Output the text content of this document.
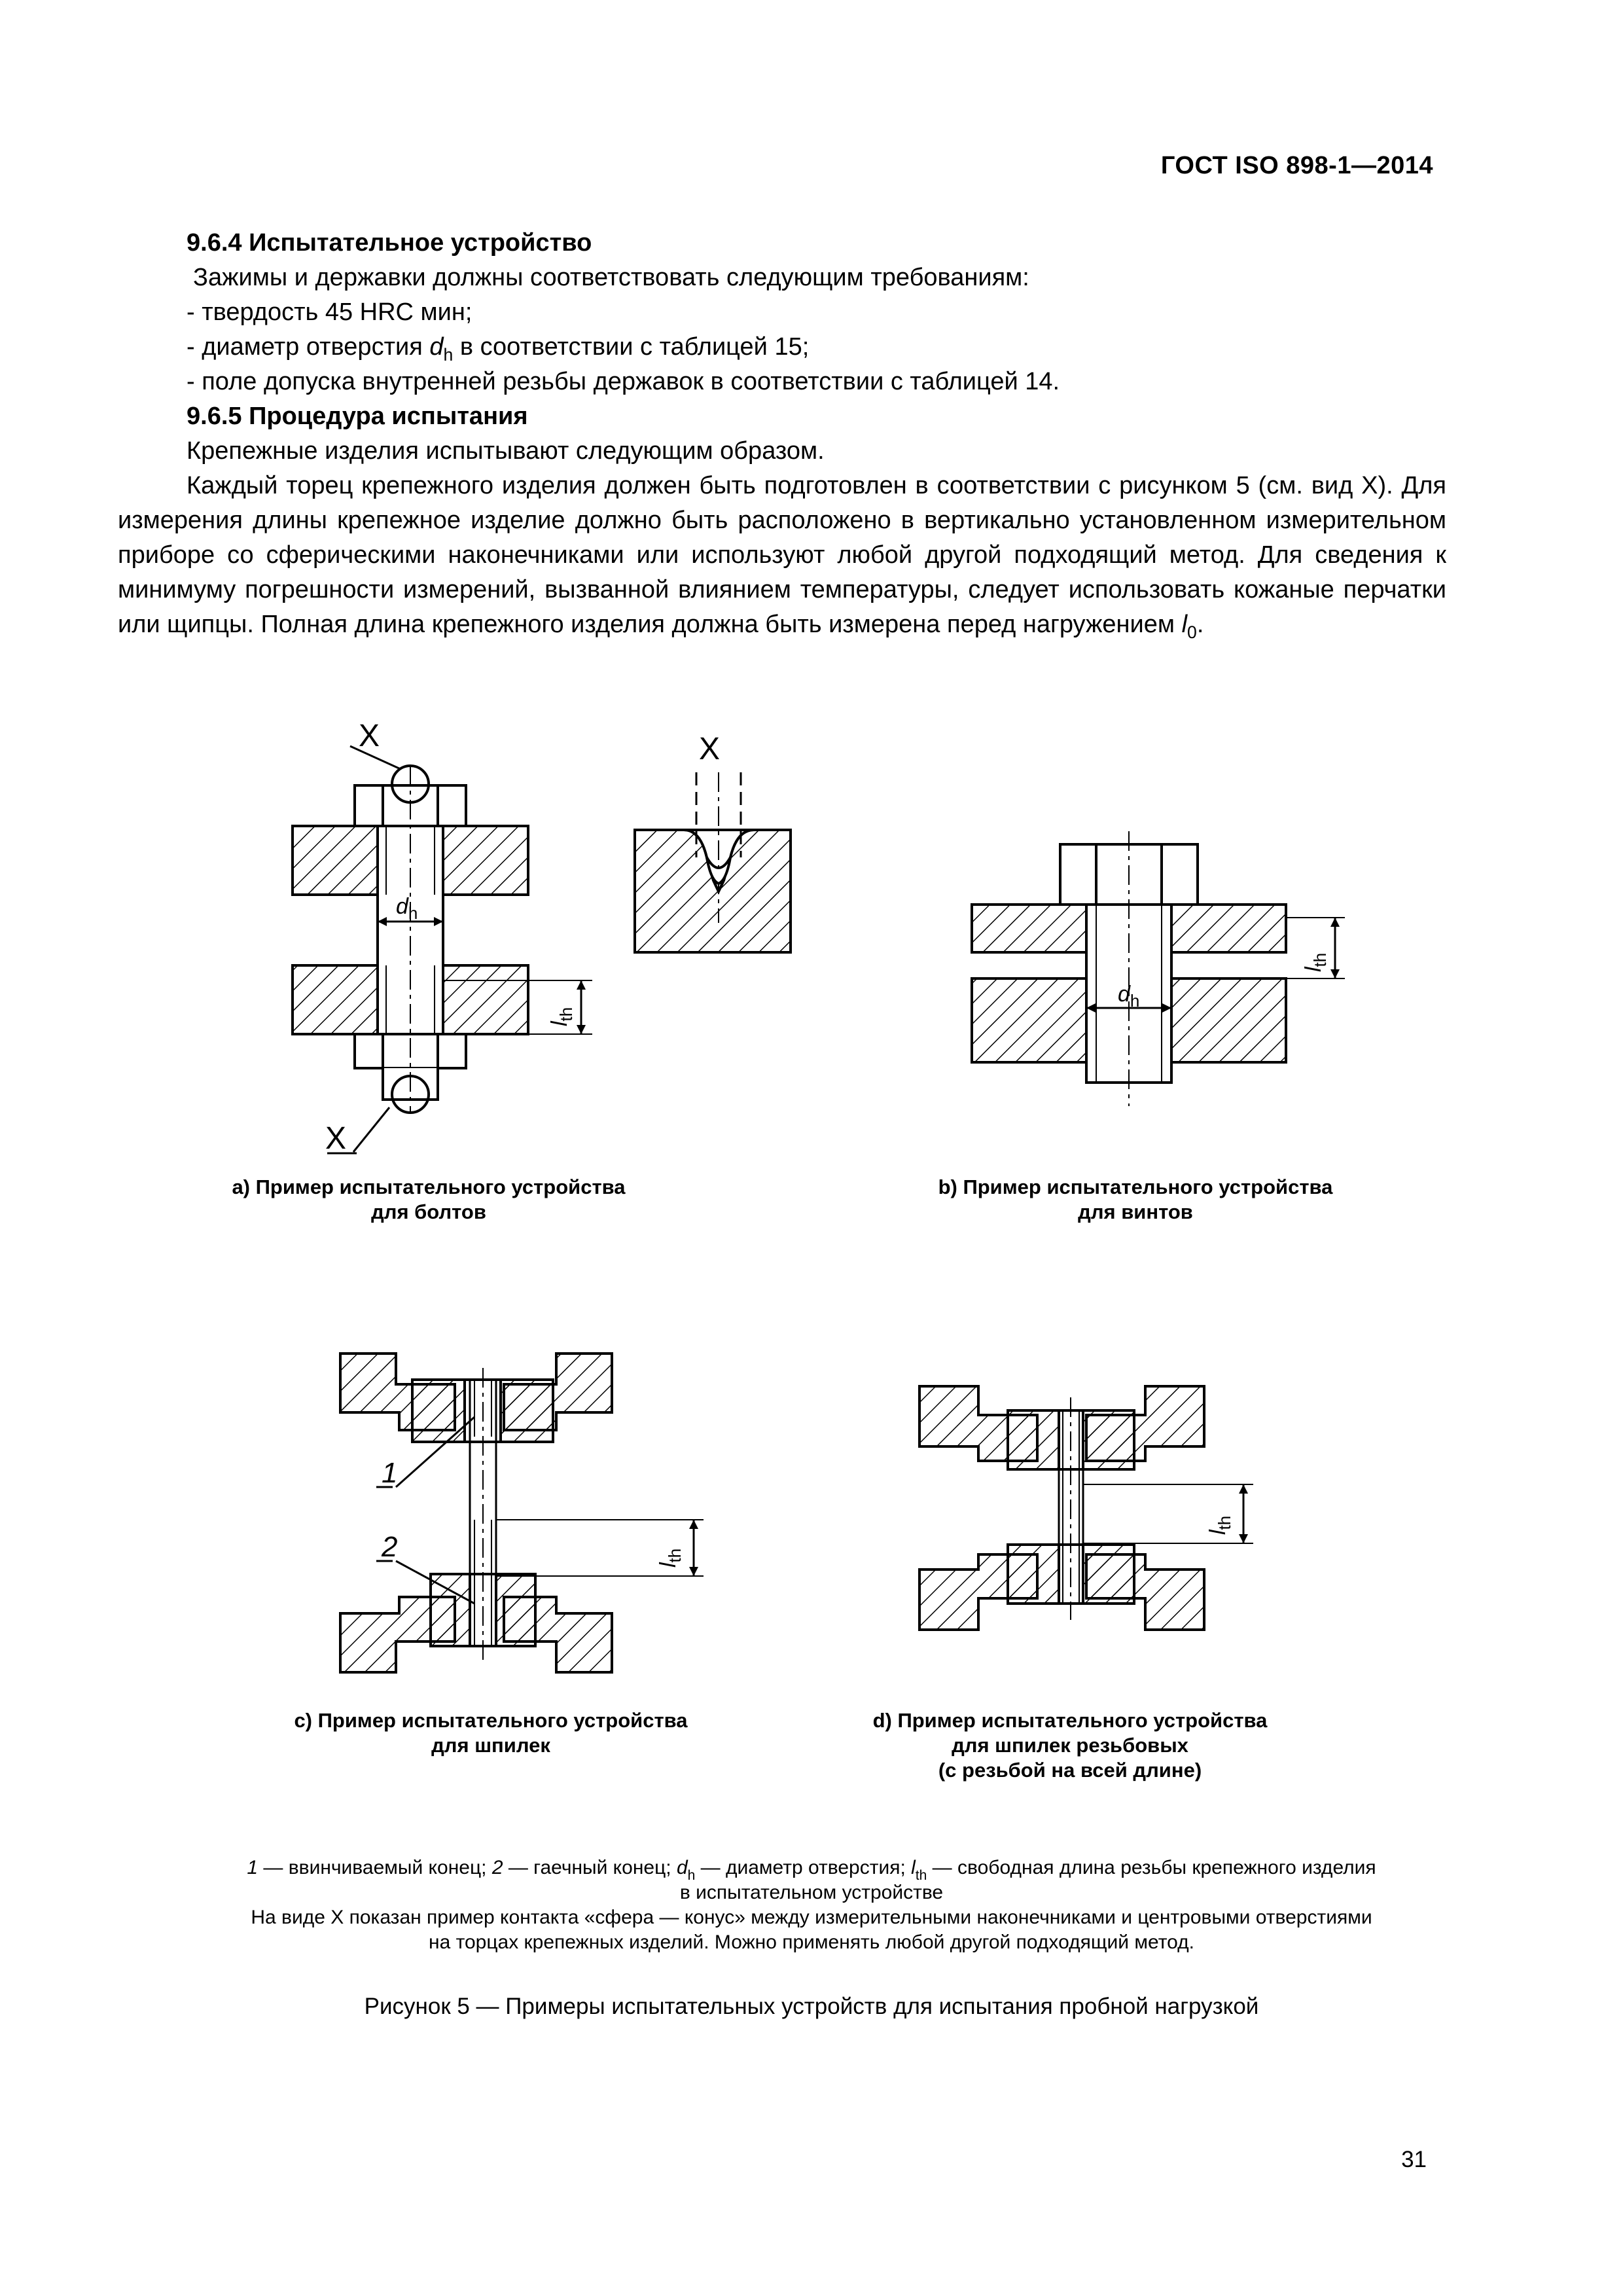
ГОСТ ISO 898-1—2014

9.6.4 Испытательное устройство

Зажимы и державки должны соответствовать следующим требованиям:

- твердость 45 HRC мин;

- диаметр отверстия $d_h$ в соответствии с таблицей 15;

- поле допуска внутренней резьбы державок в соответствии с таблицей 14.

9.6.5 Процедура испытания

Крепежные изделия испытывают следующим образом.

Каждый торец крепежного изделия должен быть подготовлен в соответствии с рисунком 5 (см. вид X). Для измерения длины крепежное изделие должно быть расположено в вертикально установленном измерительном приборе со сферическими наконечниками или используют любой другой подходящий метод. Для сведения к минимуму погрешности измерений, вызванной влиянием температуры, следует использовать кожаные перчатки или щипцы. Полная длина крепежного изделия должна быть измерена перед нагружением $l_0$.

X
X
$d_h$
$l_{th}$
X
$d_h$
$l_{th}$
1
2
$l_{th}$
$l_{th}$
a) Пример испытательного устройства
для болтов
b) Пример испытательного устройства
для винтов
c) Пример испытательного устройства
для шпилек
d) Пример испытательного устройства
для шпилек резьбовых
(с резьбой на всей длине)

1 — ввинчиваемый конец; 2 — гаечный конец; $d_h$ — диаметр отверстия; $l_{th}$ — свободная длина резьбы крепежного изделия

в испытательном устройстве

На виде X показан пример контакта «сфера — конус» между измерительными наконечниками и центровыми отверстиями

на торцах крепежных изделий. Можно применять любой другой подходящий метод.

Рисунок 5 — Примеры испытательных устройств для испытания пробной нагрузкой
31
